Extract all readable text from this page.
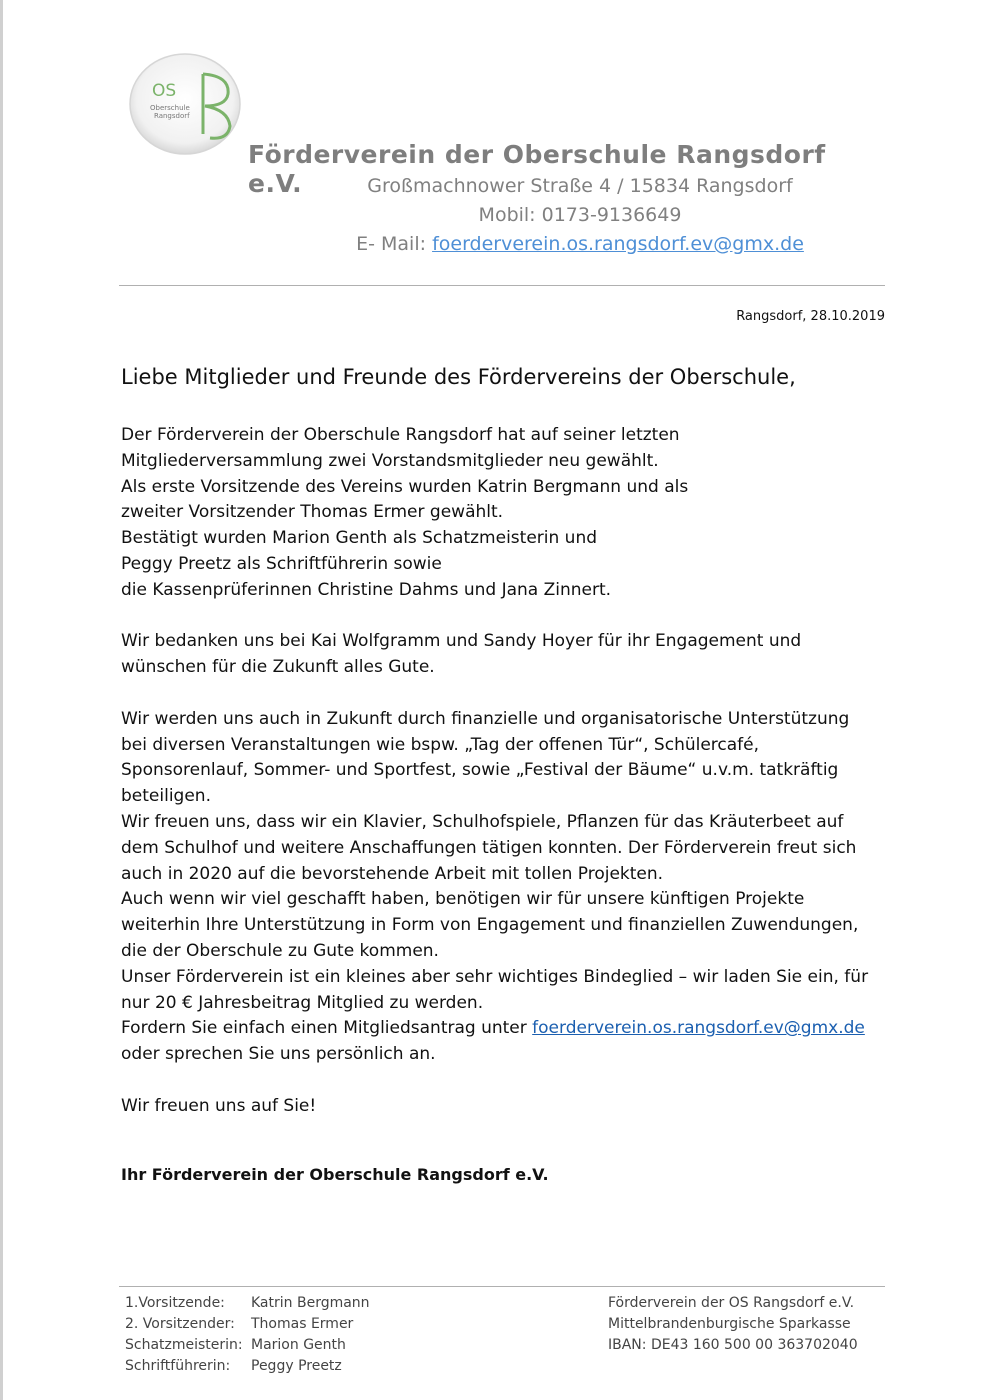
OS
Oberschule
Rangsdorf
Förderverein der Oberschule Rangsdorf e.V.	Großmachnower Straße 4 / 15834 Rangsdorf
Mobil: 0173-9136649
E- Mail: foerderverein.os.rangsdorf.ev@gmx.de
Rangsdorf, 28.10.2019
Liebe Mitglieder und Freunde des Fördervereins der Oberschule,
Der Förderverein der Oberschule Rangsdorf hat auf seiner letzten
Mitgliederversammlung zwei Vorstandsmitglieder neu gewählt.
Als erste Vorsitzende des Vereins wurden Katrin Bergmann und als
zweiter Vorsitzender Thomas Ermer gewählt.
Bestätigt wurden Marion Genth als Schatzmeisterin und
Peggy Preetz als Schriftführerin sowie
die Kassenprüferinnen Christine Dahms und Jana Zinnert.
Wir bedanken uns bei Kai Wolfgramm und Sandy Hoyer für ihr Engagement und
wünschen für die Zukunft alles Gute.
Wir werden uns auch in Zukunft durch finanzielle und organisatorische Unterstützung
bei diversen Veranstaltungen wie bspw. „Tag der offenen Tür“, Schülercafé,
Sponsorenlauf, Sommer- und Sportfest, sowie „Festival der Bäume“ u.v.m. tatkräftig
beteiligen.
Wir freuen uns, dass wir ein Klavier, Schulhofspiele, Pflanzen für das Kräuterbeet auf
dem Schulhof und weitere Anschaffungen tätigen konnten. Der Förderverein freut sich
auch in 2020 auf die bevorstehende Arbeit mit tollen Projekten.
Auch wenn wir viel geschafft haben, benötigen wir für unsere künftigen Projekte
weiterhin Ihre Unterstützung in Form von Engagement und finanziellen Zuwendungen,
die der Oberschule zu Gute kommen.
Unser Förderverein ist ein kleines aber sehr wichtiges Bindeglied – wir laden Sie ein, für
nur 20 € Jahresbeitrag Mitglied zu werden.
Fordern Sie einfach einen Mitgliedsantrag unter foerderverein.os.rangsdorf.ev@gmx.de
oder sprechen Sie uns persönlich an.
Wir freuen uns auf Sie!
Ihr Förderverein der Oberschule Rangsdorf e.V.
1.Vorsitzende:	Katrin Bergmann
2. Vorsitzender:	Thomas Ermer
Schatzmeisterin: Marion Genth
Schriftführerin:	Peggy Preetz
Förderverein der OS Rangsdorf e.V.
Mittelbrandenburgische Sparkasse
IBAN: DE43 160 500 00 363702040
